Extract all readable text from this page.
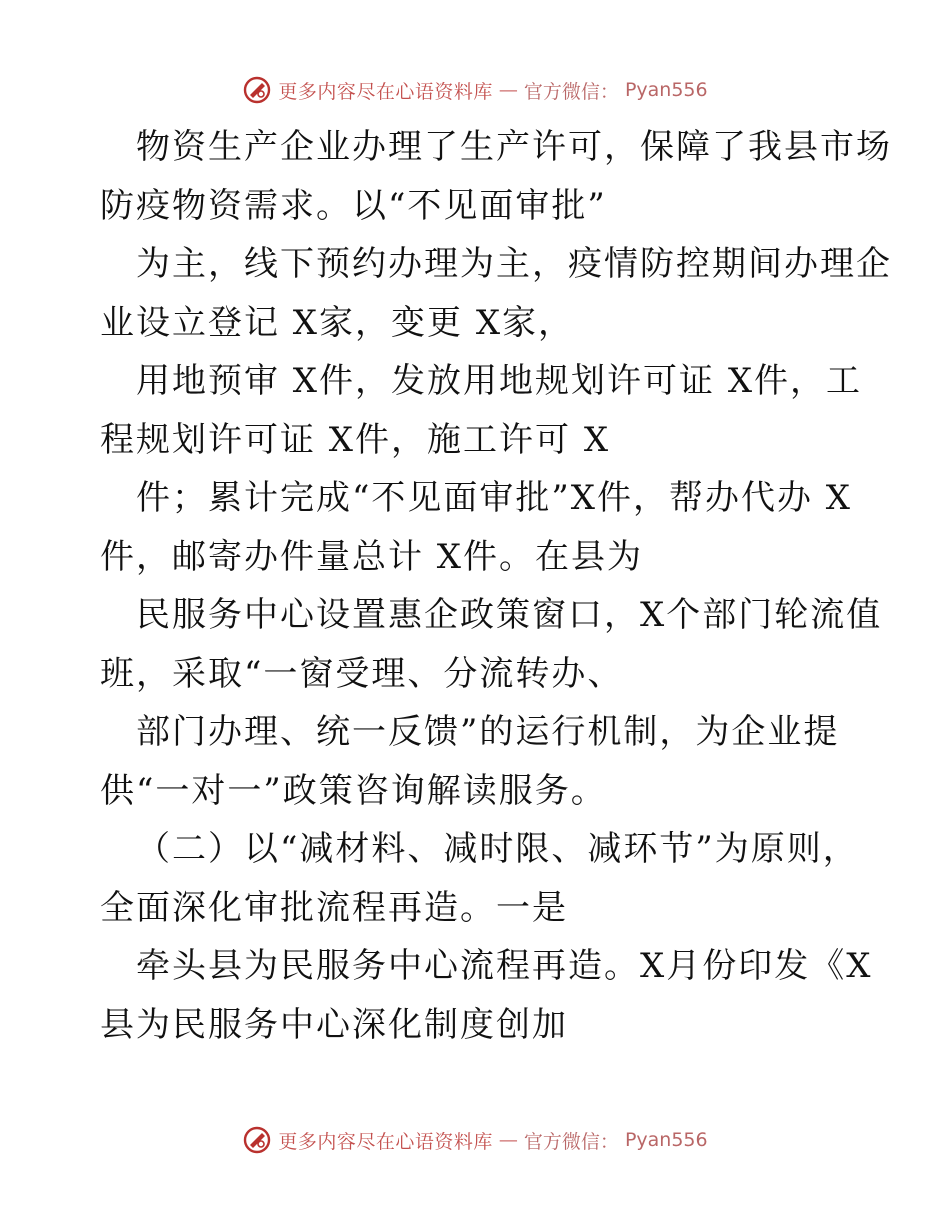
更多内容尽在心语资料库 — 官方微信： Pyan556
物资生产企业办理了生产许可，保障了我县市场
防疫物资需求。以“不见面审批”
为主，线下预约办理为主，疫情防控期间办理企
业设立登记 X家，变更 X家，
用地预审 X件，发放用地规划许可证 X件，工
程规划许可证 X件，施工许可 X
件；累计完成“不见面审批”X件，帮办代办 X
件，邮寄办件量总计 X件。在县为
民服务中心设置惠企政策窗口，X个部门轮流值
班，采取“一窗受理、分流转办、
部门办理、统一反馈”的运行机制，为企业提
供“一对一”政策咨询解读服务。
（二）以“减材料、减时限、减环节”为原则，
全面深化审批流程再造。一是
牵头县为民服务中心流程再造。X月份印发《X
县为民服务中心深化制度创加
更多内容尽在心语资料库 — 官方微信： Pyan556
